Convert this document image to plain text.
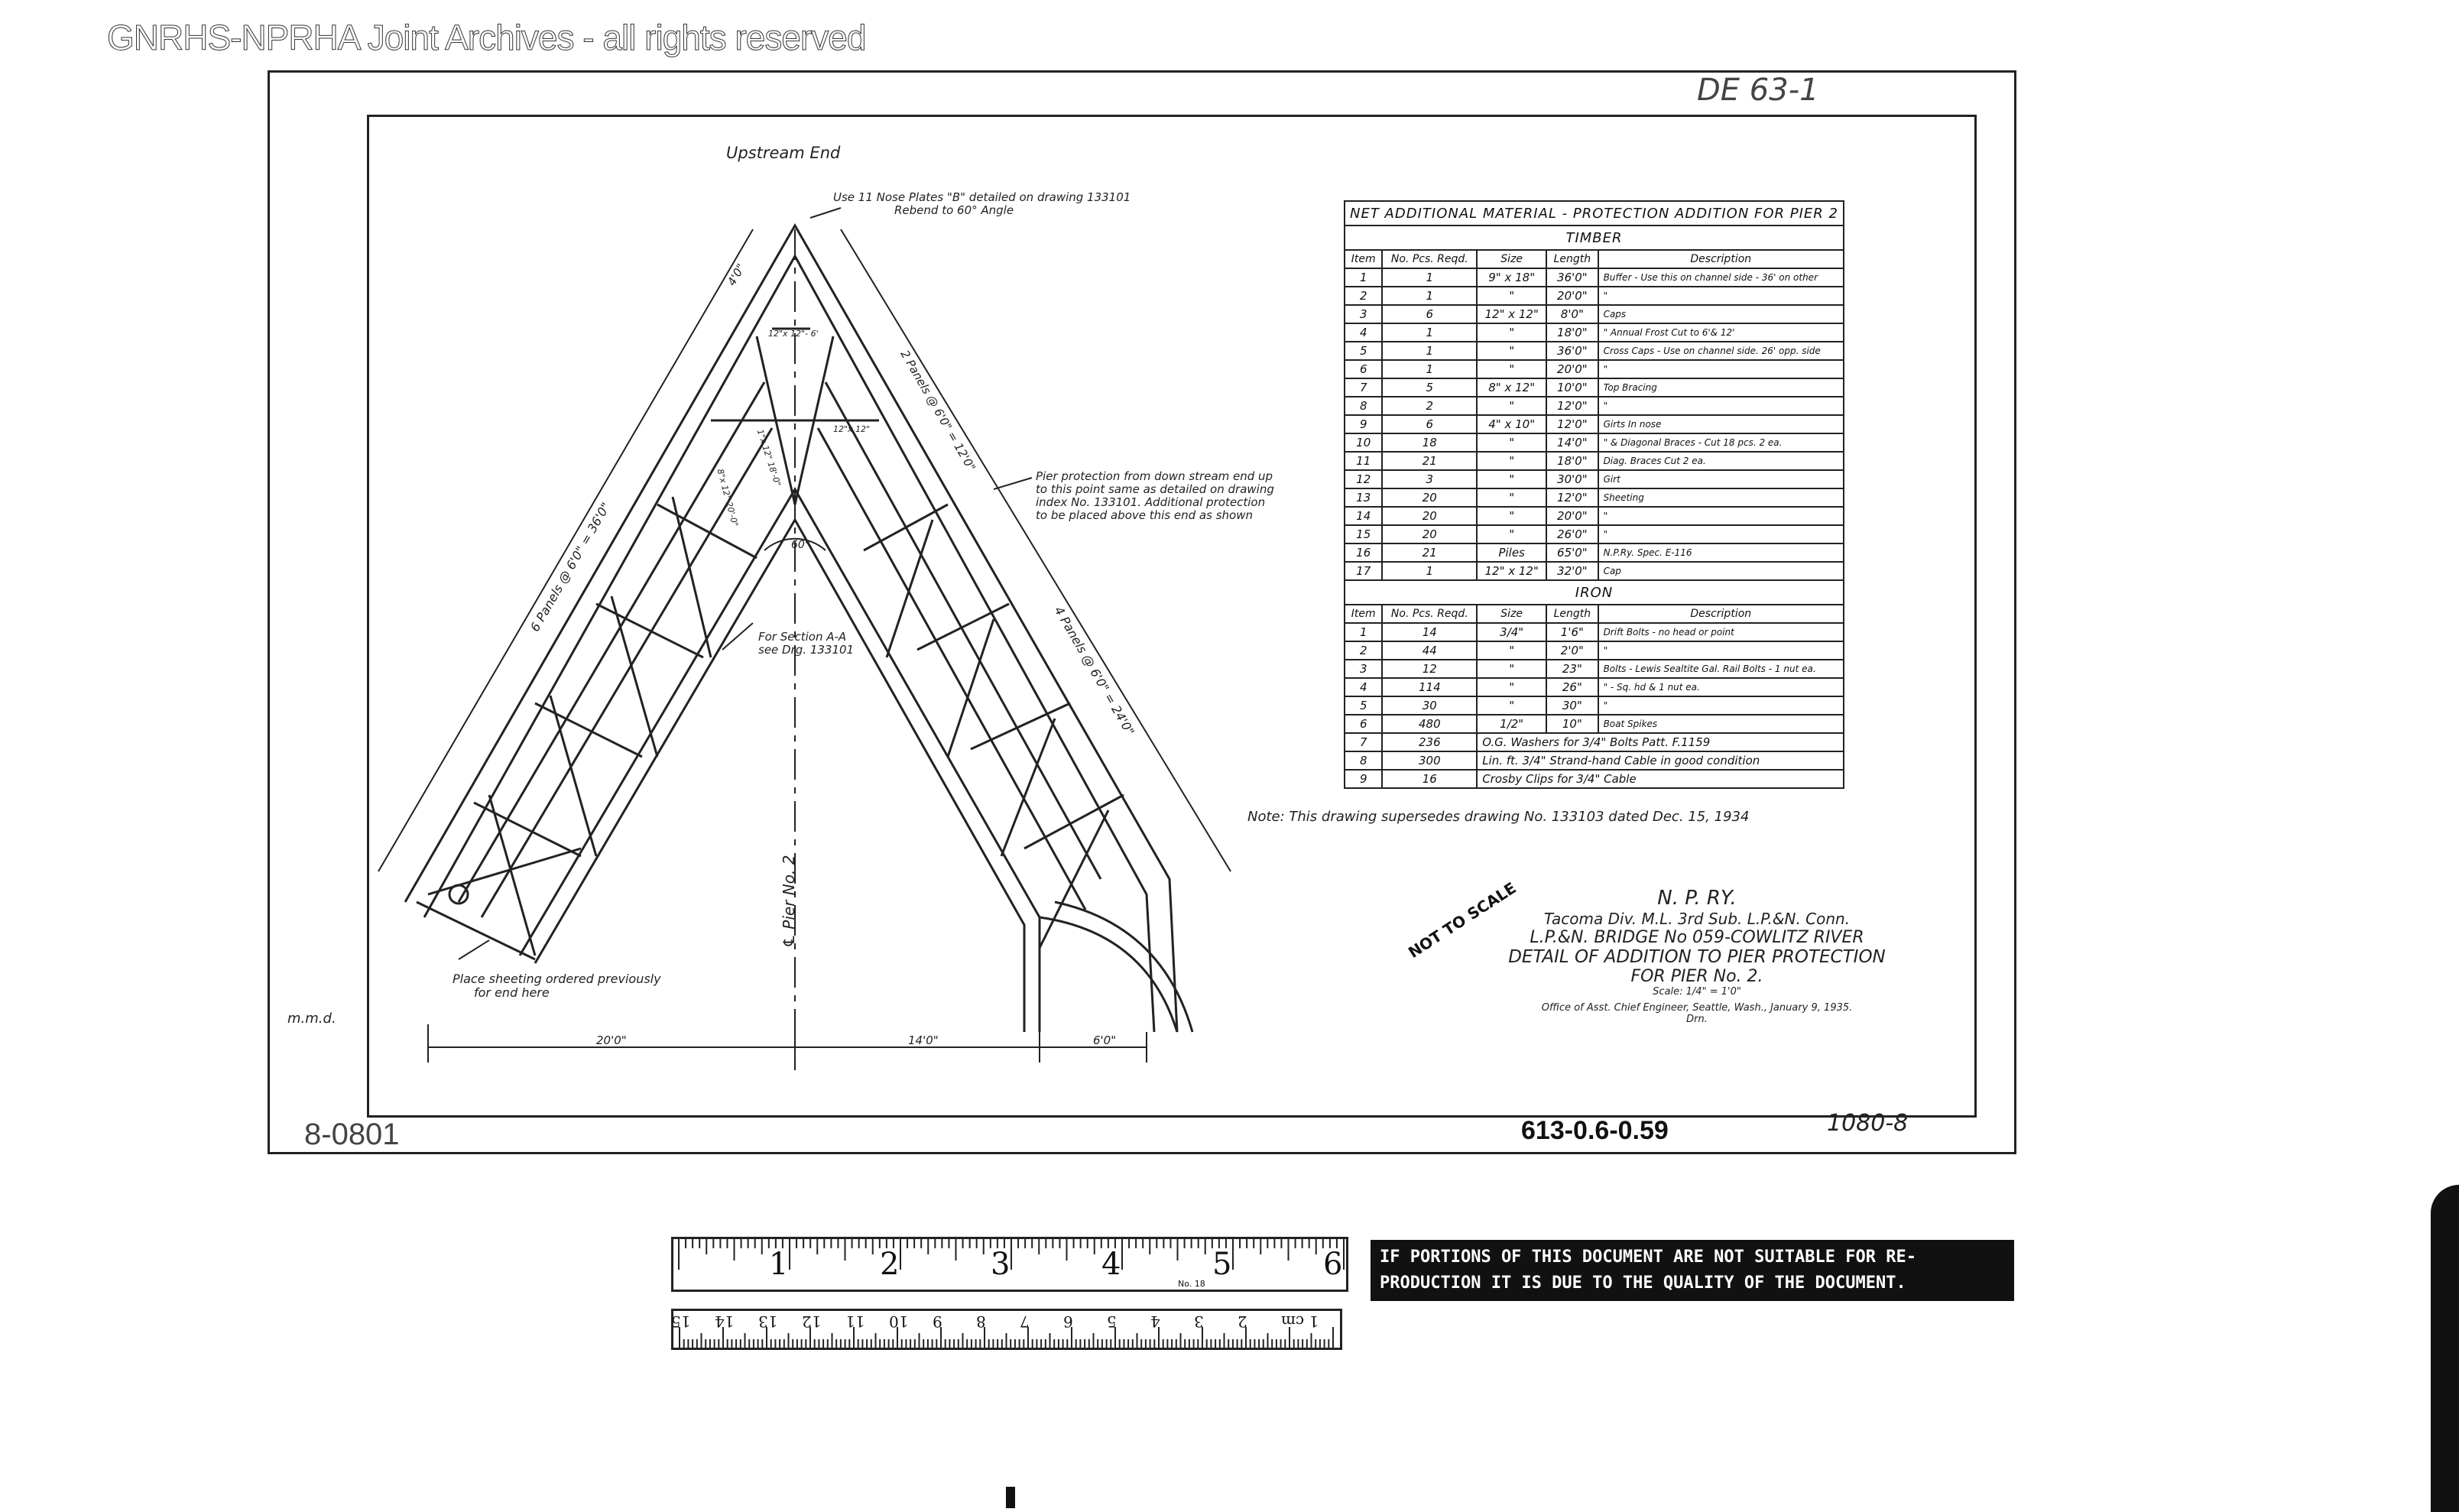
GNRHS-NPRHA Joint Archives - all rights reserved
DE 63-1
8-0801	613-0.6-0.59	1080-8
m.m.d.
Upstream End
Use 11 Nose Plates "B" detailed on drawing 133101
Rebend to 60° Angle
Pier protection from down stream end up
to this point same as detailed on drawing
index No. 133101. Additional protection
to be placed above this end as shown
For Section A-A
see Drg. 133101
Place sheeting ordered previously
for end here
Note: This drawing supersedes drawing No. 133103 dated Dec. 15, 1934
NOT TO SCALE
℄ Pier No. 2
60°
6 Panels @ 6'0" = 36'0"
4 Panels @ 6'0" = 24'0"
2 Panels @ 6'0" = 12'0"
4'0"
12"x 12"- 6'
12"x 12"
1"x 12" 18'-0"
8"x 12" 20'-0"
20'0"	14'0"	6'0"
NET ADDITIONAL MATERIAL - PROTECTION ADDITION FOR PIER 2				
TIMBER				
Item	No. Pcs. Reqd.	Size	Length	Description
1	1	9" x 18"	36'0"	Buffer - Use this on channel side - 36' on other
2	1	"	20'0"	"
3	6	12" x 12"	8'0"	Caps
4	1	"	18'0"	" Annual Frost Cut to 6'& 12'
5	1	"	36'0"	Cross Caps - Use on channel side. 26' opp. side
6	1	"	20'0"	"
7	5	8" x 12"	10'0"	Top Bracing
8	2	"	12'0"	"
9	6	4" x 10"	12'0"	Girts In nose
10	18	"	14'0"	" & Diagonal Braces - Cut 18 pcs. 2 ea.
11	21	"	18'0"	Diag. Braces Cut 2 ea.
12	3	"	30'0"	Girt
13	20	"	12'0"	Sheeting
14	20	"	20'0"	"
15	20	"	26'0"	"
16	21	Piles	65'0"	N.P.Ry. Spec. E-116
17	1	12" x 12"	32'0"	Cap
IRON				
Item	No. Pcs. Reqd.	Size	Length	Description
1	14	3/4"	1'6"	Drift Bolts - no head or point
2	44	"	2'0"	"
3	12	"	23"	Bolts - Lewis Sealtite Gal. Rail Bolts - 1 nut ea.
4	114	"	26"	" - Sq. hd & 1 nut ea.
5	30	"	30"	"
6	480	1/2"	10"	Boat Spikes
7	236	O.G. Washers for 3/4" Bolts Patt. F.1159		
8	300	Lin. ft. 3/4" Strand-hand Cable in good condition		
9	16	Crosby Clips for 3/4" Cable		
N. P. RY.
Tacoma Div. M.L. 3rd Sub. L.P.&N. Conn.
L.P.&N. BRIDGE No 059-COWLITZ RIVER
DETAIL OF ADDITION TO PIER PROTECTION
FOR PIER No. 2.
Scale: 1/4" = 1'0"
Office of Asst. Chief Engineer, Seattle, Wash., January 9, 1935.
Drn.
1	2	3	4	5	6
No. 18
1 cm
2
3
4
5
6
7
8
9
10
11
12
13
14
15
IF PORTIONS OF THIS DOCUMENT ARE NOT SUITABLE FOR RE-
PRODUCTION IT IS DUE TO THE QUALITY OF THE DOCUMENT.
